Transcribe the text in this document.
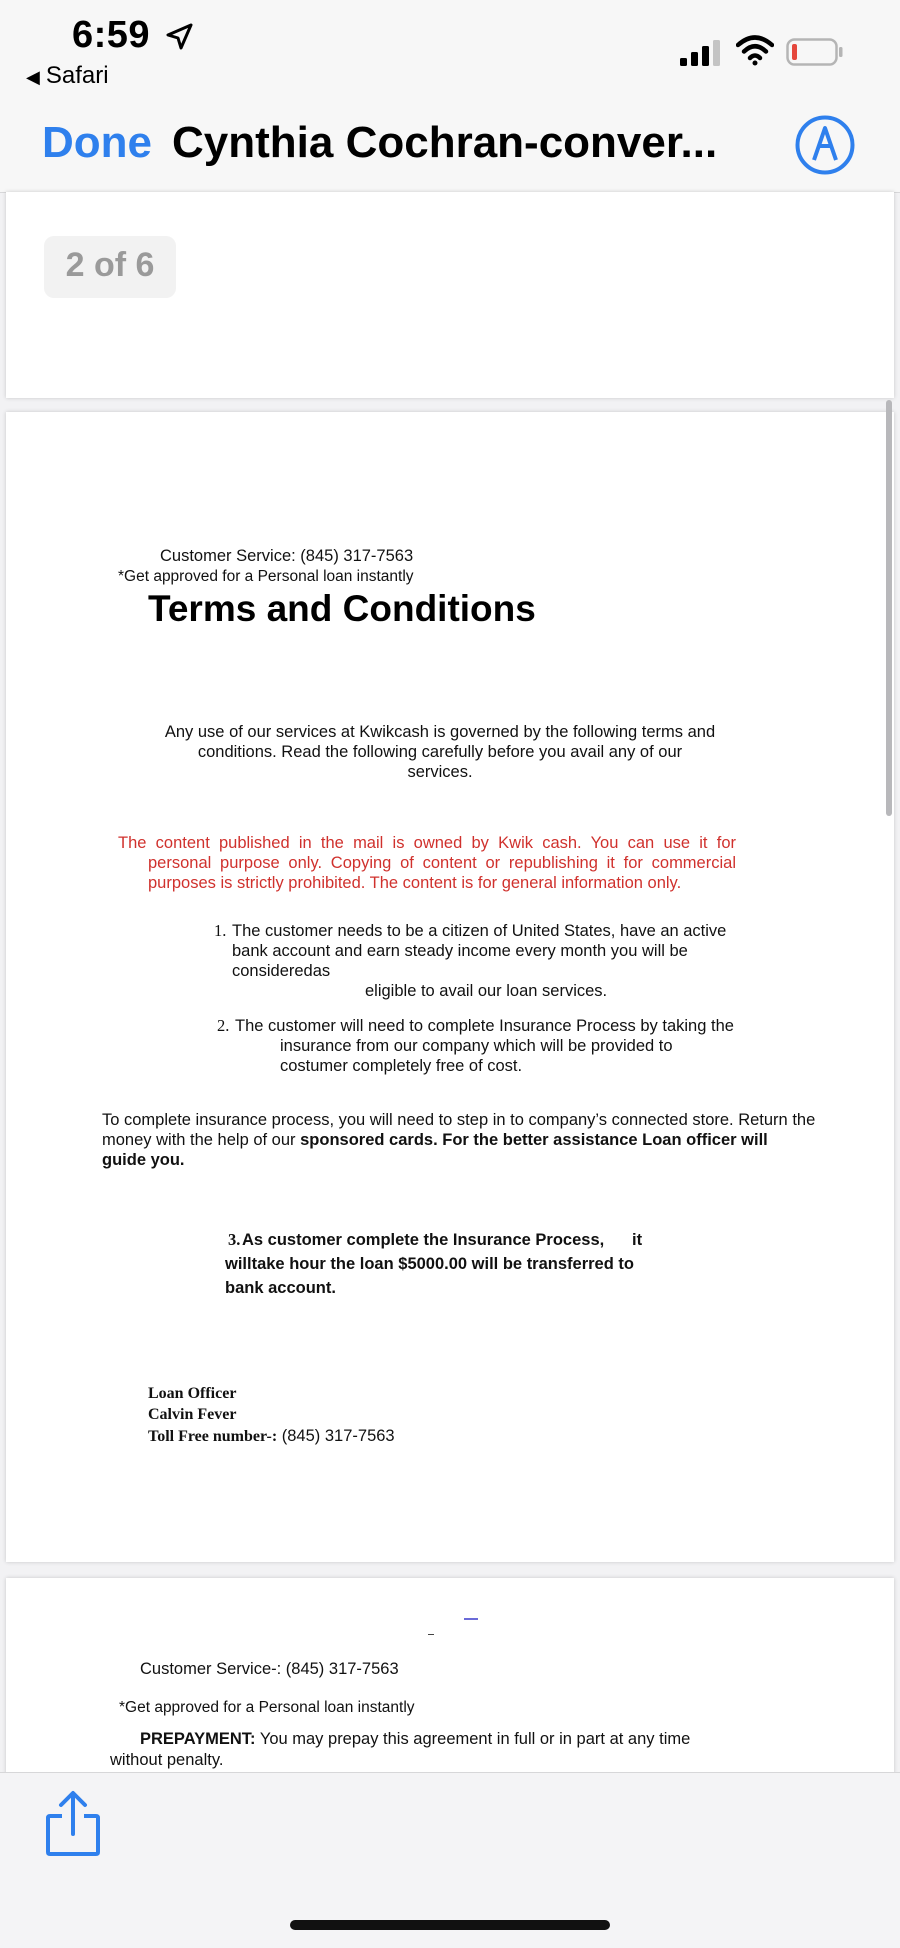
6:59
◀ Safari
Done Cynthia Cochran-conver...
2 of 6

Customer Service: (845) 317-7563

*Get approved for a Personal loan instantly

Terms and Conditions

Any use of our services at Kwikcash is governed by the following terms and

conditions. Read the following carefully before you avail any of our

services.

The content published in the mail is owned by Kwik cash. You can use it for

personal purpose only. Copying of content or republishing it for commercial

purposes is strictly prohibited. The content is for general information only.

1. The customer needs to be a citizen of United States, have an active

bank account and earn steady income every month you will be

consideredas

eligible to avail our loan services.

2. The customer will need to complete Insurance Process by taking the

insurance from our company which will be provided to

costumer completely free of cost.

To complete insurance process, you will need to step in to company’s connected store. Return the

money with the help of our sponsored cards. For the better assistance Loan officer will

guide you.

3. As customer complete the Insurance Process, it

willtake hour the loan $5000.00 will be transferred to

bank account.

Loan Officer

Calvin Fever

Toll Free number-: (845) 317-7563

Customer Service-: (845) 317-7563

*Get approved for a Personal loan instantly

PREPAYMENT: You may prepay this agreement in full or in part at any time

without penalty.
